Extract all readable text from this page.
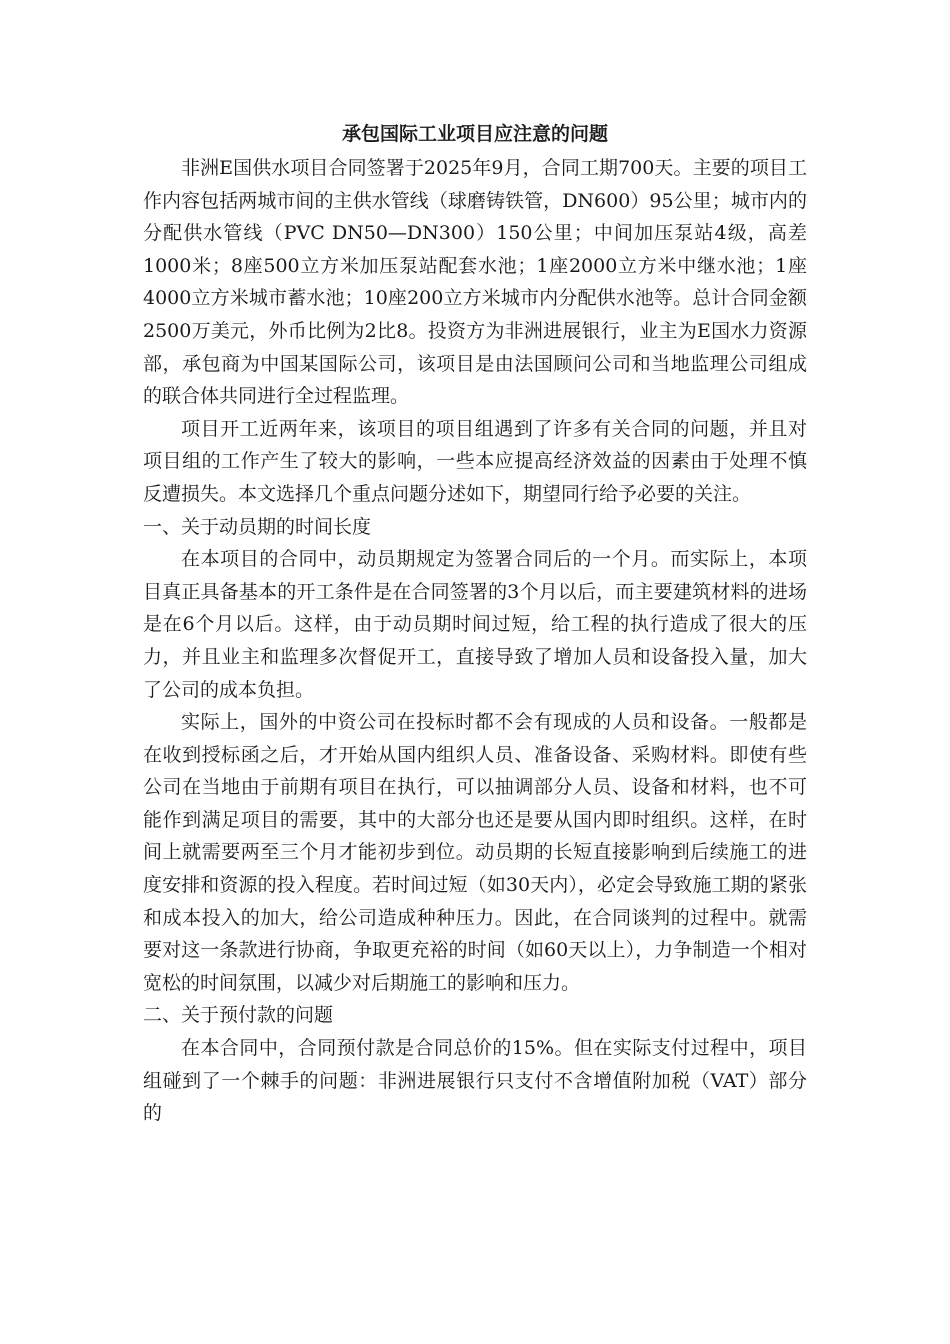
承包国际工业项目应注意的问题

非洲E国供水项目合同签署于2025年9月，合同工期700天。主要的项目工作内容包括两城市间的主供水管线（球磨铸铁管，DN600）95公里；城市内的分配供水管线（PVC DN50—DN300）150公里；中间加压泵站4级，高差1000米；8座500立方米加压泵站配套水池；1座2000立方米中继水池；1座4000立方米城市蓄水池；10座200立方米城市内分配供水池等。总计合同金额2500万美元，外币比例为2比8。投资方为非洲进展银行，业主为E国水力资源部，承包商为中国某国际公司，该项目是由法国顾问公司和当地监理公司组成的联合体共同进行全过程监理。

项目开工近两年来，该项目的项目组遇到了许多有关合同的问题，并且对项目组的工作产生了较大的影响，一些本应提高经济效益的因素由于处理不慎反遭损失。本文选择几个重点问题分述如下，期望同行给予必要的关注。

一、关于动员期的时间长度

在本项目的合同中，动员期规定为签署合同后的一个月。而实际上，本项目真正具备基本的开工条件是在合同签署的3个月以后，而主要建筑材料的进场是在6个月以后。这样，由于动员期时间过短，给工程的执行造成了很大的压力，并且业主和监理多次督促开工，直接导致了增加人员和设备投入量，加大了公司的成本负担。

实际上，国外的中资公司在投标时都不会有现成的人员和设备。一般都是在收到授标函之后，才开始从国内组织人员、准备设备、采购材料。即使有些公司在当地由于前期有项目在执行，可以抽调部分人员、设备和材料，也不可能作到满足项目的需要，其中的大部分也还是要从国内即时组织。这样，在时间上就需要两至三个月才能初步到位。动员期的长短直接影响到后续施工的进度安排和资源的投入程度。若时间过短（如30天内），必定会导致施工期的紧张和成本投入的加大，给公司造成种种压力。因此，在合同谈判的过程中。就需要对这一条款进行协商，争取更充裕的时间（如60天以上），力争制造一个相对宽松的时间氛围，以减少对后期施工的影响和压力。

二、关于预付款的问题

在本合同中，合同预付款是合同总价的15%。但在实际支付过程中，项目组碰到了一个棘手的问题：非洲进展银行只支付不含增值附加税（VAT）部分的
